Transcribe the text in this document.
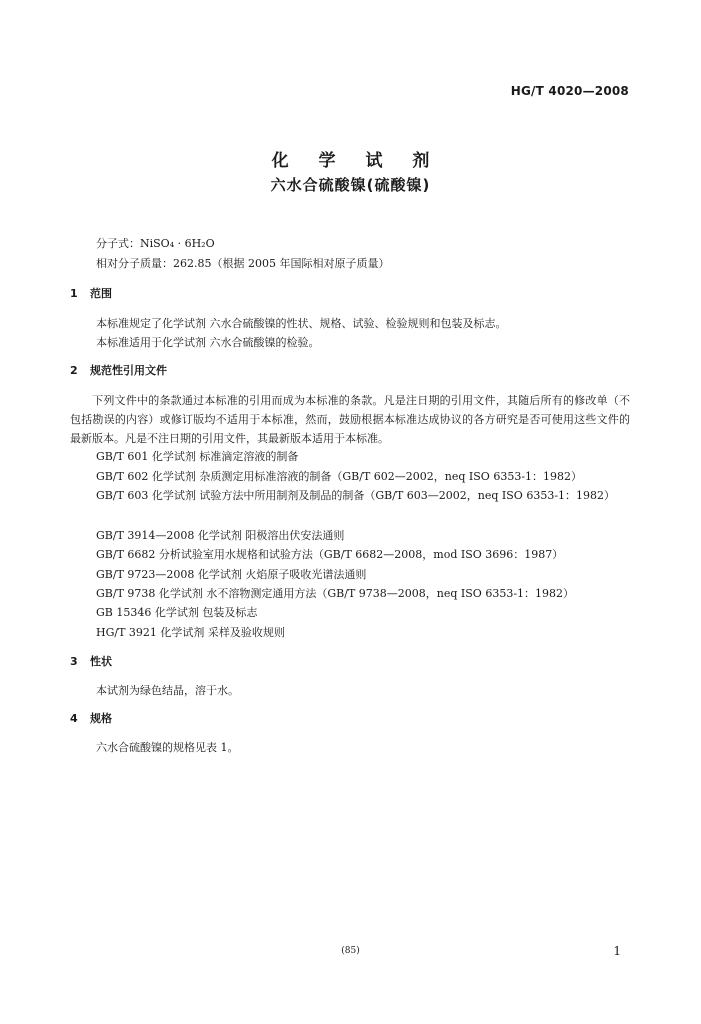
HG/T 4020—2008
化 学 试 剂
六水合硫酸镍(硫酸镍)
分子式：NiSO₄ · 6H₂O
相对分子质量：262.85（根据 2005 年国际相对原子质量）
1 范围
本标准规定了化学试剂 六水合硫酸镍的性状、规格、试验、检验规则和包装及标志。
本标准适用于化学试剂 六水合硫酸镍的检验。
2 规范性引用文件
下列文件中的条款通过本标准的引用而成为本标准的条款。凡是注日期的引用文件，其随后所有的修改单（不包括勘误的内容）或修订版均不适用于本标准，然而，鼓励根据本标准达成协议的各方研究是否可使用这些文件的最新版本。凡是不注日期的引用文件，其最新版本适用于本标准。
GB/T 601 化学试剂 标准滴定溶液的制备
GB/T 602 化学试剂 杂质测定用标准溶液的制备（GB/T 602—2002，neq ISO 6353-1：1982）
GB/T 603 化学试剂 试验方法中所用制剂及制品的制备（GB/T 603—2002，neq ISO 6353-1：1982）
GB/T 3914—2008 化学试剂 阳极溶出伏安法通则
GB/T 6682 分析试验室用水规格和试验方法（GB/T 6682—2008，mod ISO 3696：1987）
GB/T 9723—2008 化学试剂 火焰原子吸收光谱法通则
GB/T 9738 化学试剂 水不溶物测定通用方法（GB/T 9738—2008，neq ISO 6353-1：1982）
GB 15346 化学试剂 包装及标志
HG/T 3921 化学试剂 采样及验收规则
3 性状
本试剂为绿色结晶，溶于水。
4 规格
六水合硫酸镍的规格见表 1。
(85)	1
